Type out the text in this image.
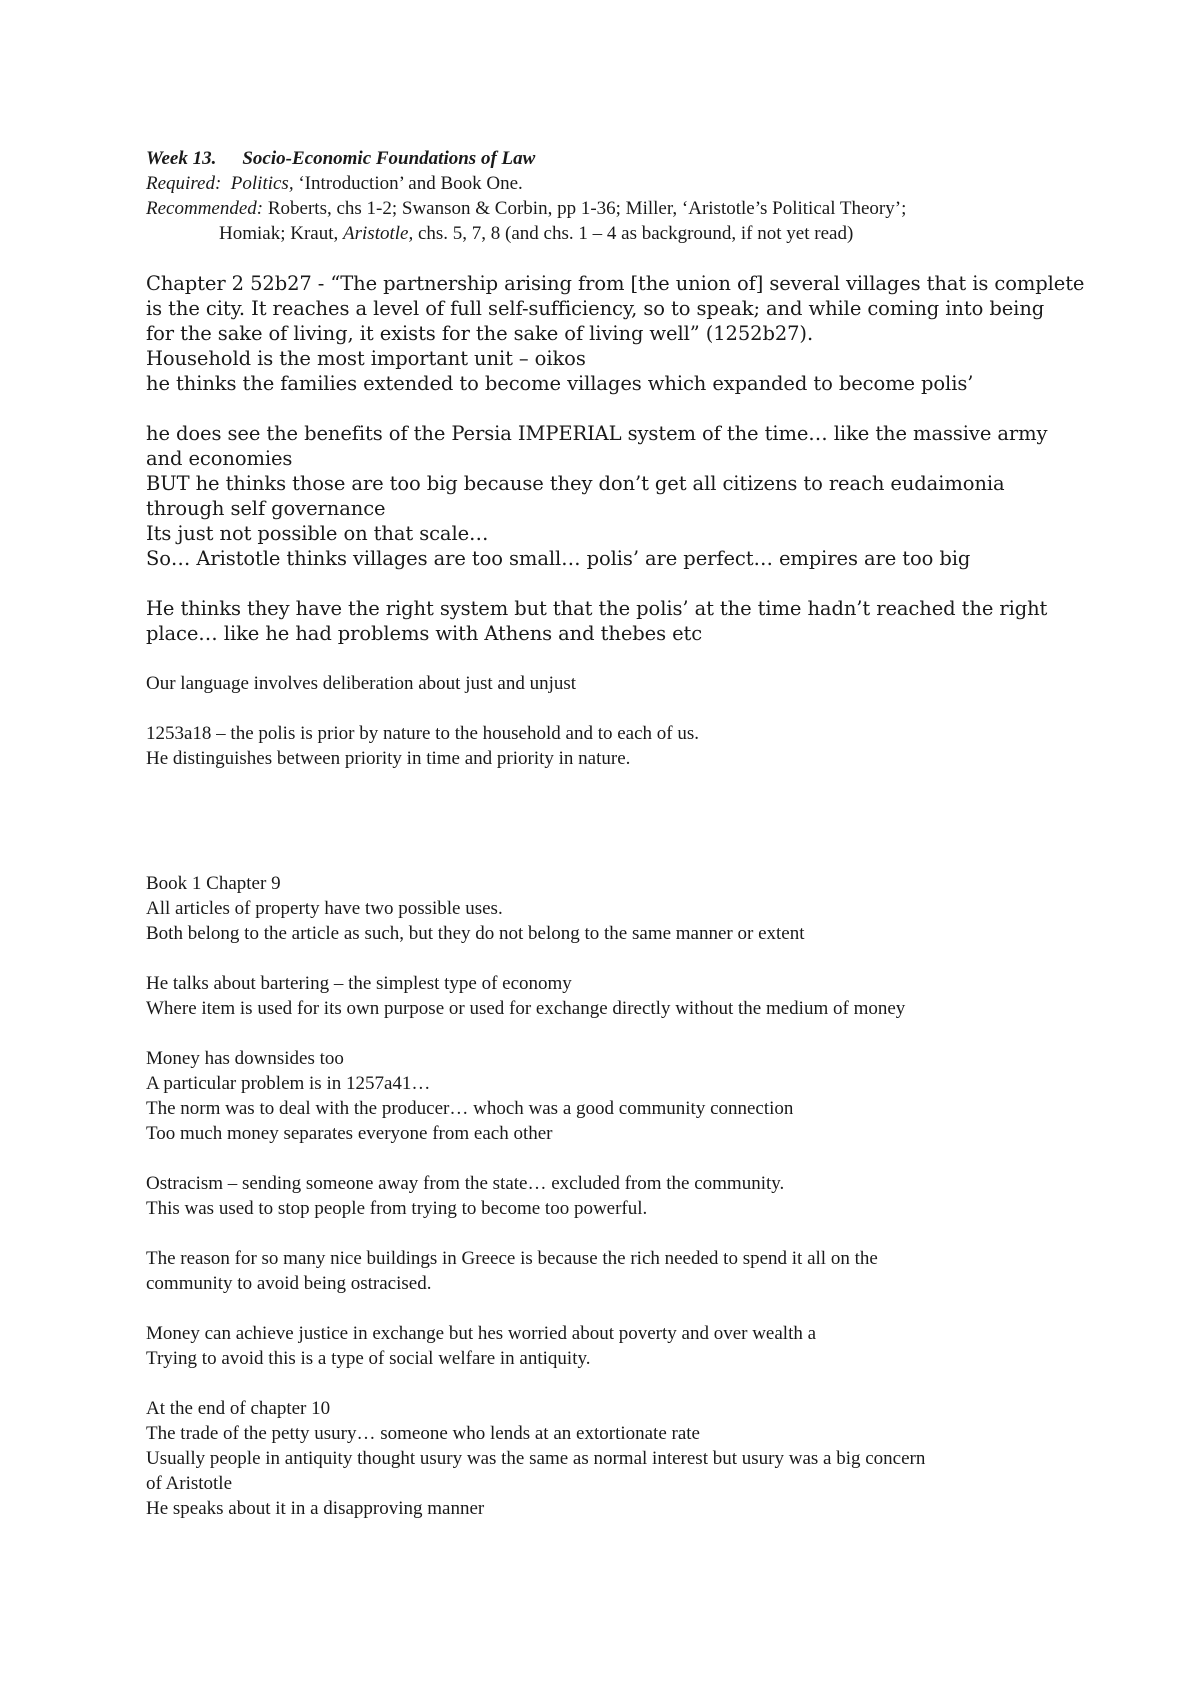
Week 13. Socio-Economic Foundations of Law
Required: Politics, ‘Introduction’ and Book One.
Recommended: Roberts, chs 1-2; Swanson & Corbin, pp 1-36; Miller, ‘Aristotle’s Political Theory’;
Homiak; Kraut, Aristotle, chs. 5, 7, 8 (and chs. 1 – 4 as background, if not yet read)
Chapter 2 52b27 - “The partnership arising from [the union of] several villages that is complete
is the city. It reaches a level of full self-sufficiency, so to speak; and while coming into being
for the sake of living, it exists for the sake of living well” (1252b27).
Household is the most important unit – oikos
he thinks the families extended to become villages which expanded to become polis’
he does see the benefits of the Persia IMPERIAL system of the time… like the massive army
and economies
BUT he thinks those are too big because they don’t get all citizens to reach eudaimonia
through self governance
Its just not possible on that scale…
So… Aristotle thinks villages are too small… polis’ are perfect… empires are too big
He thinks they have the right system but that the polis’ at the time hadn’t reached the right
place… like he had problems with Athens and thebes etc
Our language involves deliberation about just and unjust
1253a18 – the polis is prior by nature to the household and to each of us.
He distinguishes between priority in time and priority in nature.
Book 1 Chapter 9
All articles of property have two possible uses.
Both belong to the article as such, but they do not belong to the same manner or extent
He talks about bartering – the simplest type of economy
Where item is used for its own purpose or used for exchange directly without the medium of money
Money has downsides too
A particular problem is in 1257a41…
The norm was to deal with the producer… whoch was a good community connection
Too much money separates everyone from each other
Ostracism – sending someone away from the state… excluded from the community.
This was used to stop people from trying to become too powerful.
The reason for so many nice buildings in Greece is because the rich needed to spend it all on the
community to avoid being ostracised.
Money can achieve justice in exchange but hes worried about poverty and over wealth a
Trying to avoid this is a type of social welfare in antiquity.
At the end of chapter 10
The trade of the petty usury… someone who lends at an extortionate rate
Usually people in antiquity thought usury was the same as normal interest but usury was a big concern
of Aristotle
He speaks about it in a disapproving manner
